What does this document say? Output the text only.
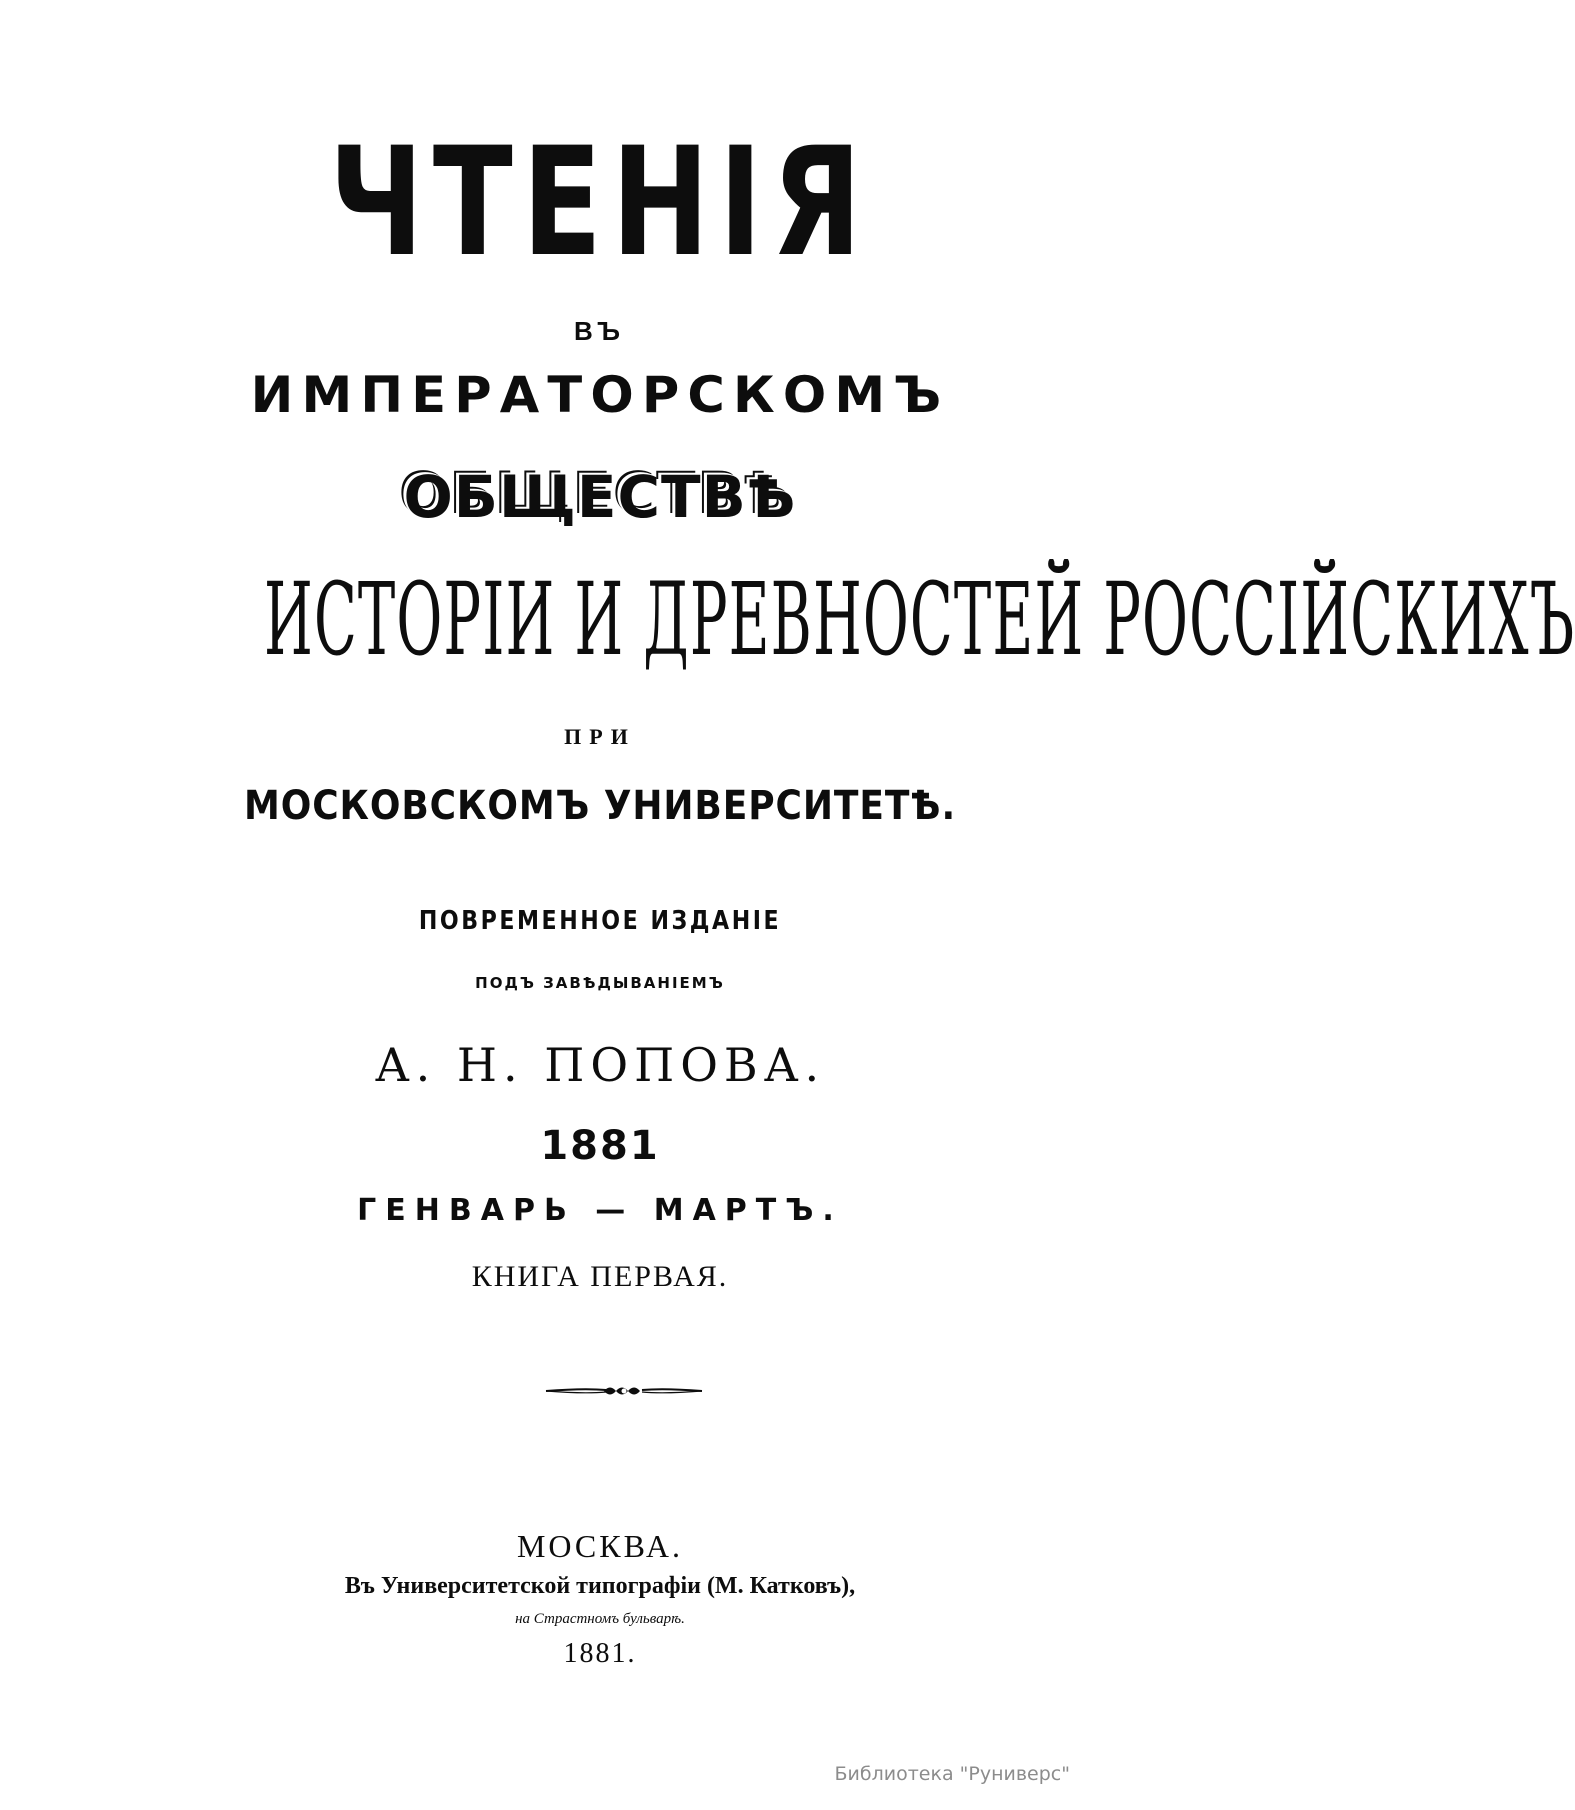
ЧТЕНІЯ
ВЪ
ИМПЕРАТОРСКОМЪ
ОБЩЕСТВѢ
ИСТОРІИ И ДРЕВНОСТЕЙ РОССІЙСКИХЪ
ПРИ
МОСКОВСКОМЪ УНИВЕРСИТЕТѢ.
ПОВРЕМЕННОЕ ИЗДАНІЕ
ПОДЪ ЗАВѢДЫВАНІЕМЪ
А. Н. ПОПОВА.
1881
ГЕНВАРЬ — МАРТЪ.
КНИГА ПЕРВАЯ.
МОСКВА.
Въ Университетской типографіи (М. Катковъ),
на Страстномъ бульварѣ.
1881.
Библиотека "Руниверс"
